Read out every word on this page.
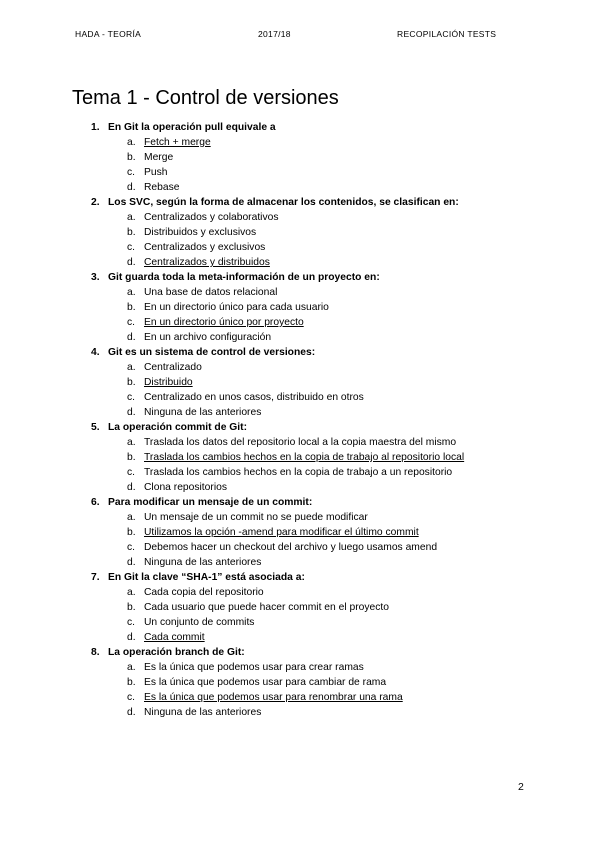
HADA - TEORÍA	2017/18	RECOPILACIÓN TESTS
Tema 1 - Control de versiones
1. En Git la operación pull equivale a
a. Fetch + merge
b. Merge
c. Push
d. Rebase
2. Los SVC, según la forma de almacenar los contenidos, se clasifican en:
a. Centralizados y colaborativos
b. Distribuidos y exclusivos
c. Centralizados y exclusivos
d. Centralizados y distribuidos
3. Git guarda toda la meta-información de un proyecto en:
a. Una base de datos relacional
b. En un directorio único para cada usuario
c. En un directorio único por proyecto
d. En un archivo configuración
4. Git es un sistema de control de versiones:
a. Centralizado
b. Distribuido
c. Centralizado en unos casos, distribuido en otros
d. Ninguna de las anteriores
5. La operación commit de Git:
a. Traslada los datos del repositorio local a la copia maestra del mismo
b. Traslada los cambios hechos en la copia de trabajo al repositorio local
c. Traslada los cambios hechos en la copia de trabajo a un repositorio
d. Clona repositorios
6. Para modificar un mensaje de un commit:
a. Un mensaje de un commit no se puede modificar
b. Utilizamos la opción -amend para modificar el último commit
c. Debemos hacer un checkout del archivo y luego usamos amend
d. Ninguna de las anteriores
7. En Git la clave “SHA-1” está asociada a:
a. Cada copia del repositorio
b. Cada usuario que puede hacer commit en el proyecto
c. Un conjunto de commits
d. Cada commit
8. La operación branch de Git:
a. Es la única que podemos usar para crear ramas
b. Es la única que podemos usar para cambiar de rama
c. Es la única que podemos usar para renombrar una rama
d. Ninguna de las anteriores
2
